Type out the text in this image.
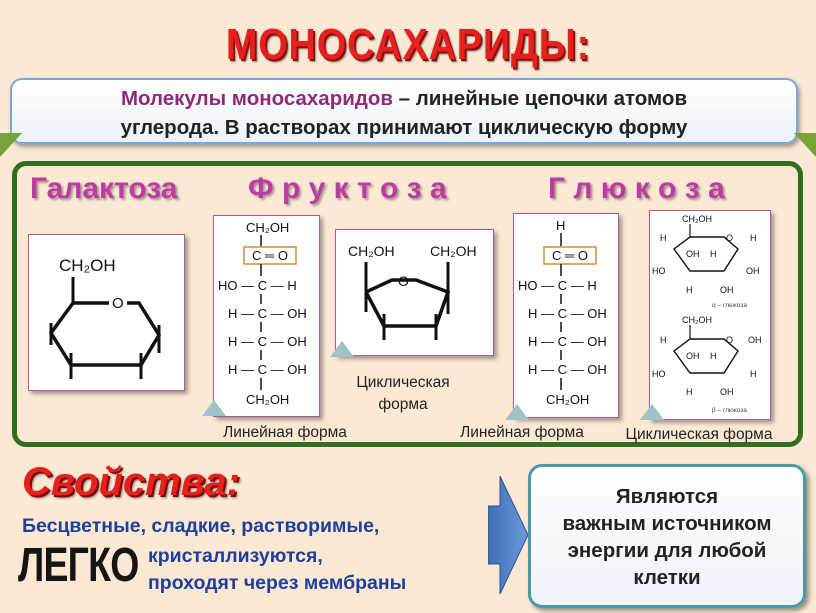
МОНОСАХАРИДЫ:
Молекулы моносахаридов – линейные цепочки атомов
углерода. В растворах принимают циклическую форму
Галактоза Ф р у к т о з а	Г л ю к о з а
CH₂OH
O
CH₂OH
C ═ O
HO — C — H
H — C — OH
H — C — OH
H — C — OH
CH₂OH
Линейная форма
CH₂OH	CH₂OH
O
Циклическая
форма
H
C ═ O
HO — C — H
H — C — OH
H — C — OH
H — C — OH
CH₂OH
Линейная форма
CH₂OH
O
H
HO
OH H
H
OH
H	OH
α – глюкоза
CH₂OH
O
H
HO
OH H
OH
H
H	OH
β – глюкоза
Циклическая форма
Свойства:
Бесцветные, сладкие, растворимые,
ЛЕГКО кристаллизуются,
проходят через мембраны
Являются
важным источником
энергии для любой
клетки
